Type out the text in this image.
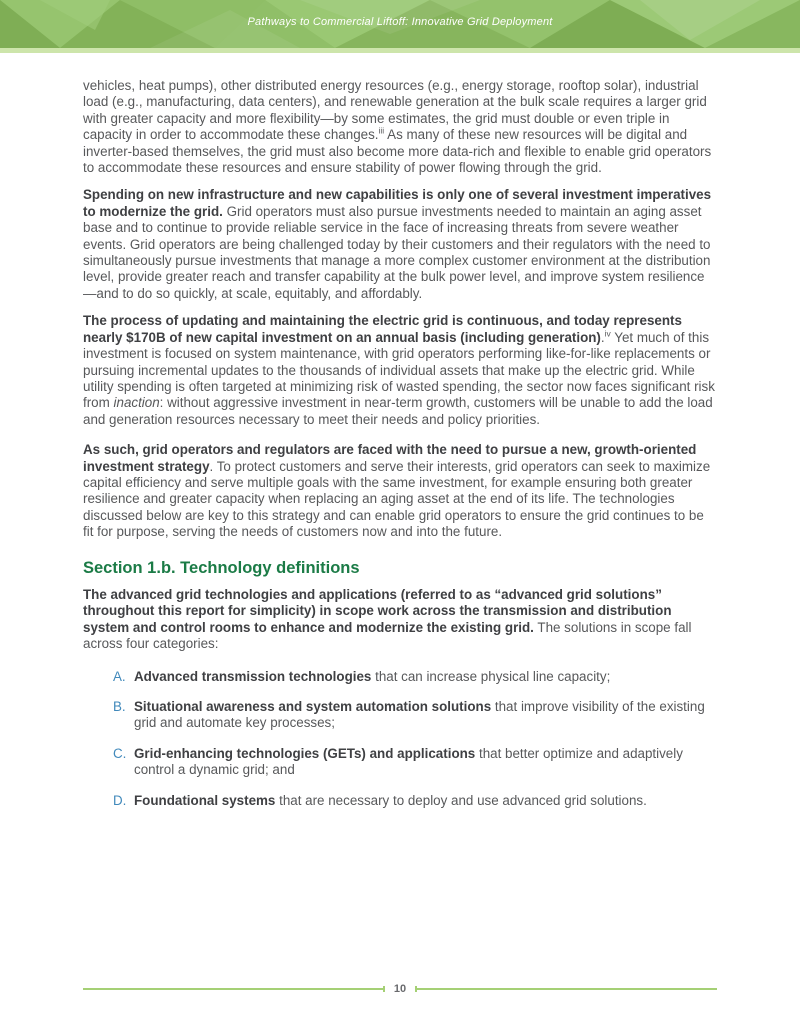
Pathways to Commercial Liftoff: Innovative Grid Deployment

vehicles, heat pumps), other distributed energy resources (e.g., energy storage, rooftop solar), industrial load (e.g., manufacturing, data centers), and renewable generation at the bulk scale requires a larger grid with greater capacity and more flexibility—by some estimates, the grid must double or even triple in capacity in order to accommodate these changes.$^{iii}$ As many of these new resources will be digital and inverter-based themselves, the grid must also become more data-rich and flexible to enable grid operators to accommodate these resources and ensure stability of power flowing through the grid.

Spending on new infrastructure and new capabilities is only one of several investment imperatives to modernize the grid. Grid operators must also pursue investments needed to maintain an aging asset base and to continue to provide reliable service in the face of increasing threats from severe weather events. Grid operators are being challenged today by their customers and their regulators with the need to simultaneously pursue investments that manage a more complex customer environment at the distribution level, provide greater reach and transfer capability at the bulk power level, and improve system resilience—and to do so quickly, at scale, equitably, and affordably.

The process of updating and maintaining the electric grid is continuous, and today represents nearly $170B of new capital investment on an annual basis (including generation).$^{iv}$ Yet much of this investment is focused on system maintenance, with grid operators performing like-for-like replacements or pursuing incremental updates to the thousands of individual assets that make up the electric grid. While utility spending is often targeted at minimizing risk of wasted spending, the sector now faces significant risk from inaction: without aggressive investment in near-term growth, customers will be unable to add the load and generation resources necessary to meet their needs and policy priorities.

As such, grid operators and regulators are faced with the need to pursue a new, growth-oriented investment strategy. To protect customers and serve their interests, grid operators can seek to maximize capital efficiency and serve multiple goals with the same investment, for example ensuring both greater resilience and greater capacity when replacing an aging asset at the end of its life. The technologies discussed below are key to this strategy and can enable grid operators to ensure the grid continues to be fit for purpose, serving the needs of customers now and into the future.

Section 1.b. Technology definitions

The advanced grid technologies and applications (referred to as “advanced grid solutions” throughout this report for simplicity) in scope work across the transmission and distribution system and control rooms to enhance and modernize the existing grid. The solutions in scope fall across four categories:

A. Advanced transmission technologies that can increase physical line capacity;
B. Situational awareness and system automation solutions that improve visibility of the existing grid and automate key processes;
C. Grid-enhancing technologies (GETs) and applications that better optimize and adaptively control a dynamic grid; and
D. Foundational systems that are necessary to deploy and use advanced grid solutions.
10
